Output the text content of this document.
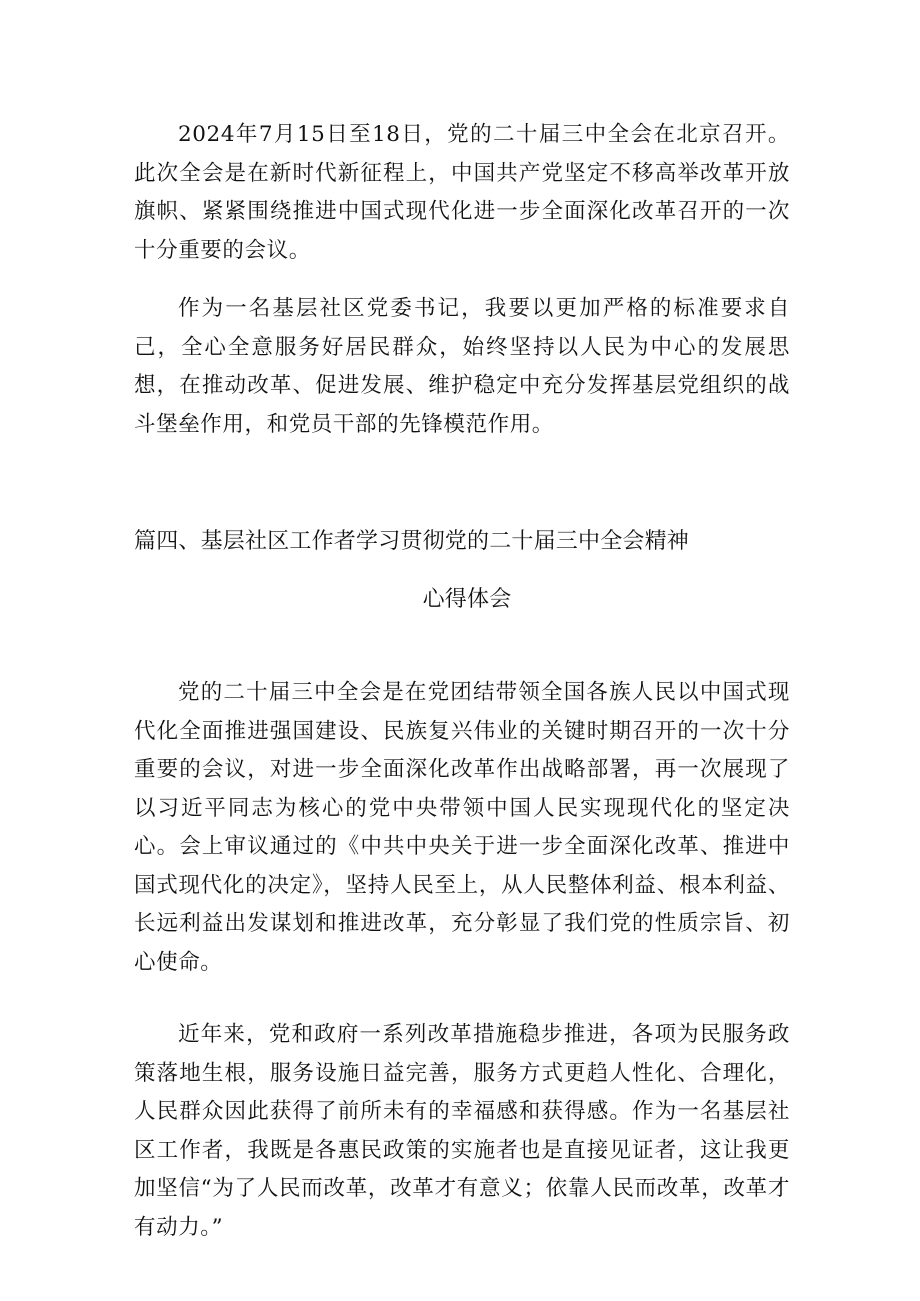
2024年7月15日至18日，党的二十届三中全会在北京召开。此次全会是在新时代新征程上，中国共产党坚定不移高举改革开放旗帜、紧紧围绕推进中国式现代化进一步全面深化改革召开的一次十分重要的会议。

作为一名基层社区党委书记，我要以更加严格的标准要求自己，全心全意服务好居民群众，始终坚持以人民为中心的发展思想，在推动改革、促进发展、维护稳定中充分发挥基层党组织的战斗堡垒作用，和党员干部的先锋模范作用。

篇四、基层社区工作者学习贯彻党的二十届三中全会精神
心得体会

党的二十届三中全会是在党团结带领全国各族人民以中国式现代化全面推进强国建设、民族复兴伟业的关键时期召开的一次十分重要的会议，对进一步全面深化改革作出战略部署，再一次展现了以习近平同志为核心的党中央带领中国人民实现现代化的坚定决心。会上审议通过的《中共中央关于进一步全面深化改革、推进中国式现代化的决定》，坚持人民至上，从人民整体利益、根本利益、长远利益出发谋划和推进改革，充分彰显了我们党的性质宗旨、初心使命。

近年来，党和政府一系列改革措施稳步推进，各项为民服务政策落地生根，服务设施日益完善，服务方式更趋人性化、合理化，人民群众因此获得了前所未有的幸福感和获得感。作为一名基层社区工作者，我既是各惠民政策的实施者也是直接见证者，这让我更加坚信“为了人民而改革，改革才有意义；依靠人民而改革，改革才有动力。”
